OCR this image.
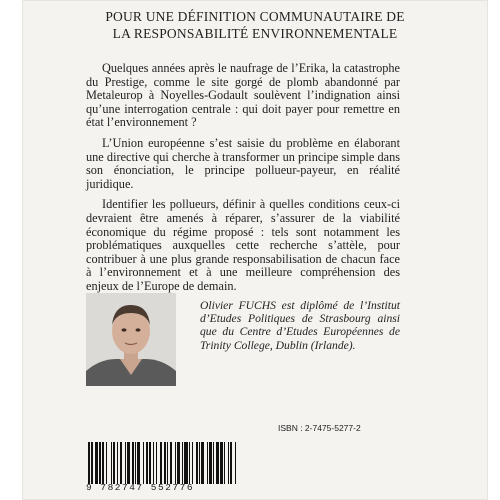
POUR UNE DÉFINITION COMMUNAUTAIRE DE
LA RESPONSABILITÉ ENVIRONNEMENTALE

Quelques années après le naufrage de l’Erika, la catastrophe du Prestige, comme le site gorgé de plomb abandonné par Metaleurop à Noyelles-Godault soulèvent l’indignation ainsi qu’une interrogation centrale : qui doit payer pour remettre en état l’environnement ?

L’Union européenne s’est saisie du problème en élaborant une directive qui cherche à transformer un principe simple dans son énonciation, le principe pollueur-payeur, en réalité juridique.

Identifier les pollueurs, définir à quelles conditions ceux-ci devraient être amenés à réparer, s’assurer de la viabilité économique du régime proposé : tels sont notamment les problématiques auxquelles cette recherche s’attèle, pour contribuer à une plus grande responsabilisation de chacun face à l’environnement et à une meilleure compréhension des enjeux de l’Europe de demain.

Olivier FUCHS est diplômé de l’Institut d’Etudes Politiques de Strasbourg ainsi que du Centre d’Etudes Européennes de Trinity College, Dublin (Irlande).
ISBN : 2-7475-5277-2
9 782747 552776
